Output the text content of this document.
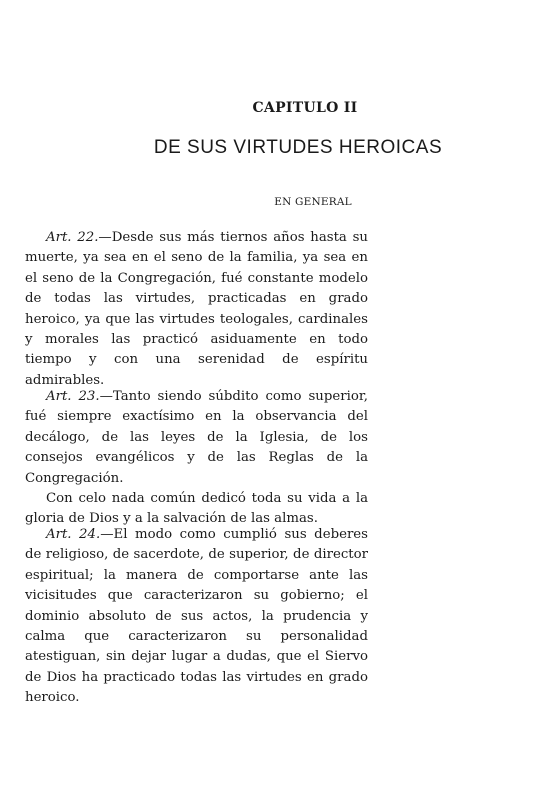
CAPITULO II
DE SUS VIRTUDES HEROICAS
EN GENERAL

Art. 22.—Desde sus más tiernos años hasta su muerte, ya sea en el seno de la familia, ya sea en el seno de la Congregación, fué constante modelo de todas las virtudes, practicadas en grado heroico, ya que las virtudes teologales, cardinales y morales las practicó asiduamente en todo tiempo y con una serenidad de espíritu admirables.

Art. 23.—Tanto siendo súbdito como superior, fué siempre exactísimo en la observancia del decálogo, de las leyes de la Iglesia, de los consejos evangélicos y de las Reglas de la Congregación.

Con celo nada común dedicó toda su vida a la gloria de Dios y a la salvación de las almas.

Art. 24.—El modo como cumplió sus deberes de religioso, de sacerdote, de superior, de director espiritual; la manera de comportarse ante las vicisitudes que caracterizaron su gobierno; el dominio absoluto de sus actos, la prudencia y calma que caracterizaron su personalidad atestiguan, sin dejar lugar a dudas, que el Siervo de Dios ha practicado todas las virtudes en grado heroico.
